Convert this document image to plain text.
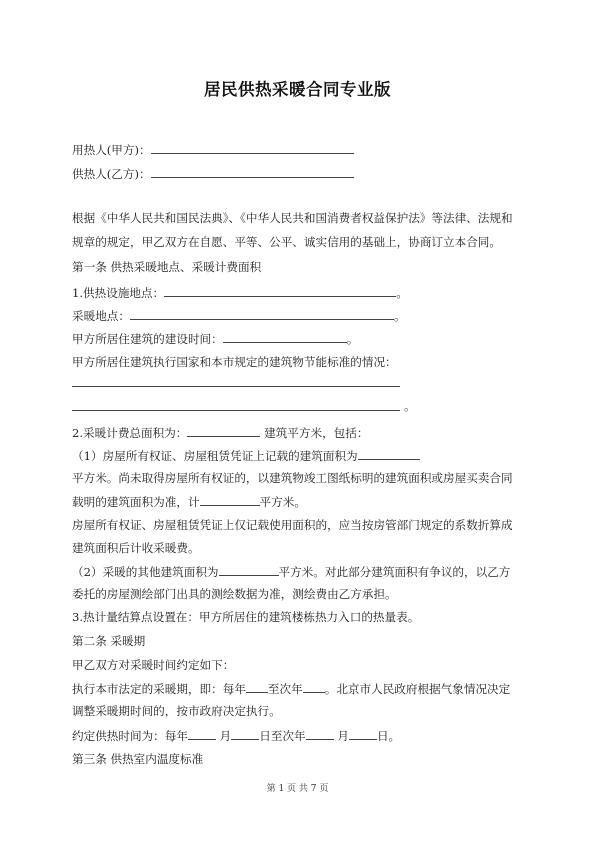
居民供热采暖合同专业版
用热人(甲方)：
供热人(乙方)：
根据《中华人民共和国民法典》、《中华人民共和国消费者权益保护法》等法律、法规和
规章的规定，甲乙双方在自愿、平等、公平、诚实信用的基础上，协商订立本合同。
第一条 供热采暖地点、采暖计费面积
1.供热设施地点：	。
采暖地点：	。
甲方所居住建筑的建设时间：	。
甲方所居住建筑执行国家和本市规定的建筑物节能标准的情况：
。
2.采暖计费总面积为：	建筑平方米，包括：
（1）房屋所有权证、房屋租赁凭证上记载的建筑面积为
平方米。尚未取得房屋所有权证的，以建筑物竣工图纸标明的建筑面积或房屋买卖合同
载明的建筑面积为准，计	平方米。
房屋所有权证、房屋租赁凭证上仅记载使用面积的，应当按房管部门规定的系数折算成
建筑面积后计收采暖费。
（2）采暖的其他建筑面积为	平方米。对此部分建筑面积有争议的，以乙方
委托的房屋测绘部门出具的测绘数据为准，测绘费由乙方承担。
3.热计量结算点设置在：甲方所居住的建筑楼栋热力入口的热量表。
第二条 采暖期
甲乙双方对采暖时间约定如下：
执行本市法定的采暖期，即：每年 至次年 。北京市人民政府根据气象情况决定
调整采暖期时间的，按市政府决定执行。
约定供热时间为：每年	月 日至次年	月 日。
第三条 供热室内温度标准
第 1 页 共 7 页
